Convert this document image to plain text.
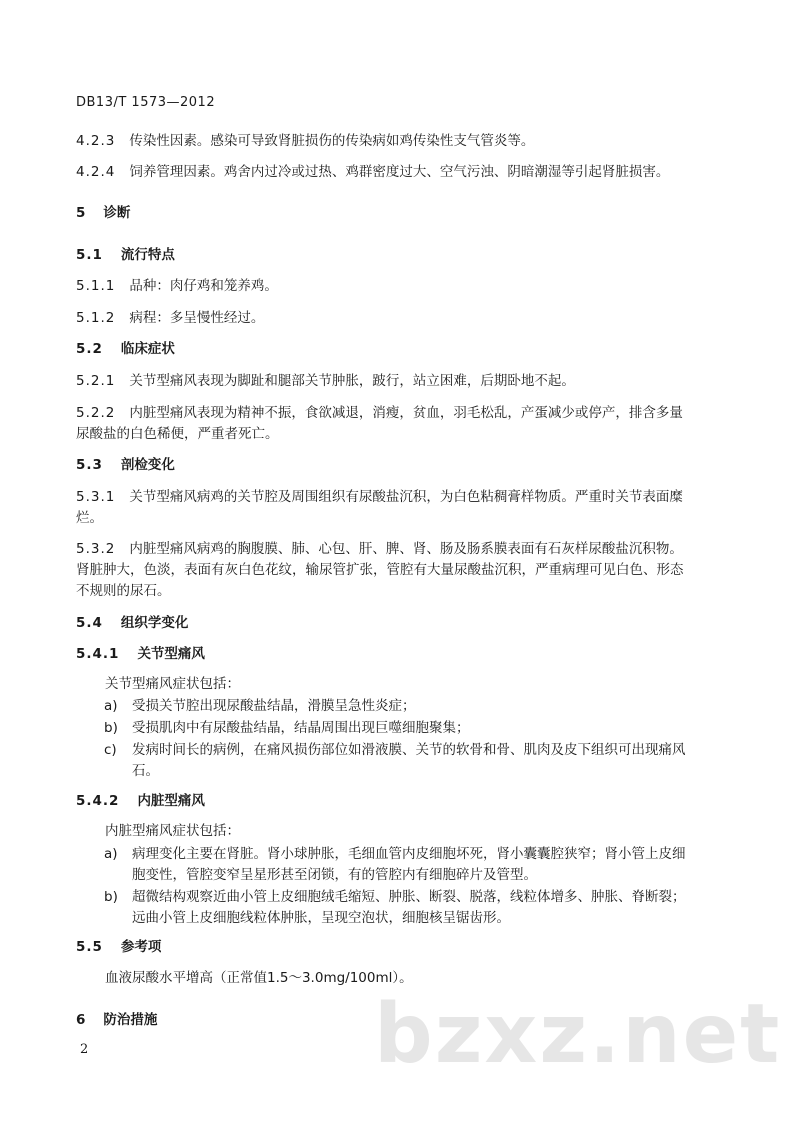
DB13/T 1573—2012
4.2.3 传染性因素。感染可导致肾脏损伤的传染病如鸡传染性支气管炎等。
4.2.4 饲养管理因素。鸡舍内过冷或过热、鸡群密度过大、空气污浊、阴暗潮湿等引起肾脏损害。
5 诊断
5.1 流行特点
5.1.1 品种：肉仔鸡和笼养鸡。
5.1.2 病程：多呈慢性经过。
5.2 临床症状
5.2.1 关节型痛风表现为脚趾和腿部关节肿胀，跛行，站立困难，后期卧地不起。
5.2.2 内脏型痛风表现为精神不振，食欲减退，消瘦，贫血，羽毛松乱，产蛋减少或停产，排含多量
尿酸盐的白色稀便，严重者死亡。
5.3 剖检变化
5.3.1 关节型痛风病鸡的关节腔及周围组织有尿酸盐沉积，为白色粘稠膏样物质。严重时关节表面糜
烂。
5.3.2 内脏型痛风病鸡的胸腹膜、肺、心包、肝、脾、肾、肠及肠系膜表面有石灰样尿酸盐沉积物。
肾脏肿大，色淡，表面有灰白色花纹，输尿管扩张，管腔有大量尿酸盐沉积，严重病理可见白色、形态
不规则的尿石。
5.4 组织学变化
5.4.1 关节型痛风
关节型痛风症状包括：
a) 受损关节腔出现尿酸盐结晶，滑膜呈急性炎症；
b) 受损肌肉中有尿酸盐结晶，结晶周围出现巨噬细胞聚集；
c) 发病时间长的病例，在痛风损伤部位如滑液膜、关节的软骨和骨、肌肉及皮下组织可出现痛风
石。
5.4.2 内脏型痛风
内脏型痛风症状包括：
a) 病理变化主要在肾脏。肾小球肿胀，毛细血管内皮细胞坏死，肾小囊囊腔狭窄；肾小管上皮细
胞变性，管腔变窄呈星形甚至闭锁，有的管腔内有细胞碎片及管型。
b) 超微结构观察近曲小管上皮细胞绒毛缩短、肿胀、断裂、脱落，线粒体增多、肿胀、脊断裂；
远曲小管上皮细胞线粒体肿胀，呈现空泡状，细胞核呈锯齿形。
5.5 参考项
血液尿酸水平增高（正常值1.5～3.0mg/100ml）。
6 防治措施	bzxz.net
2
